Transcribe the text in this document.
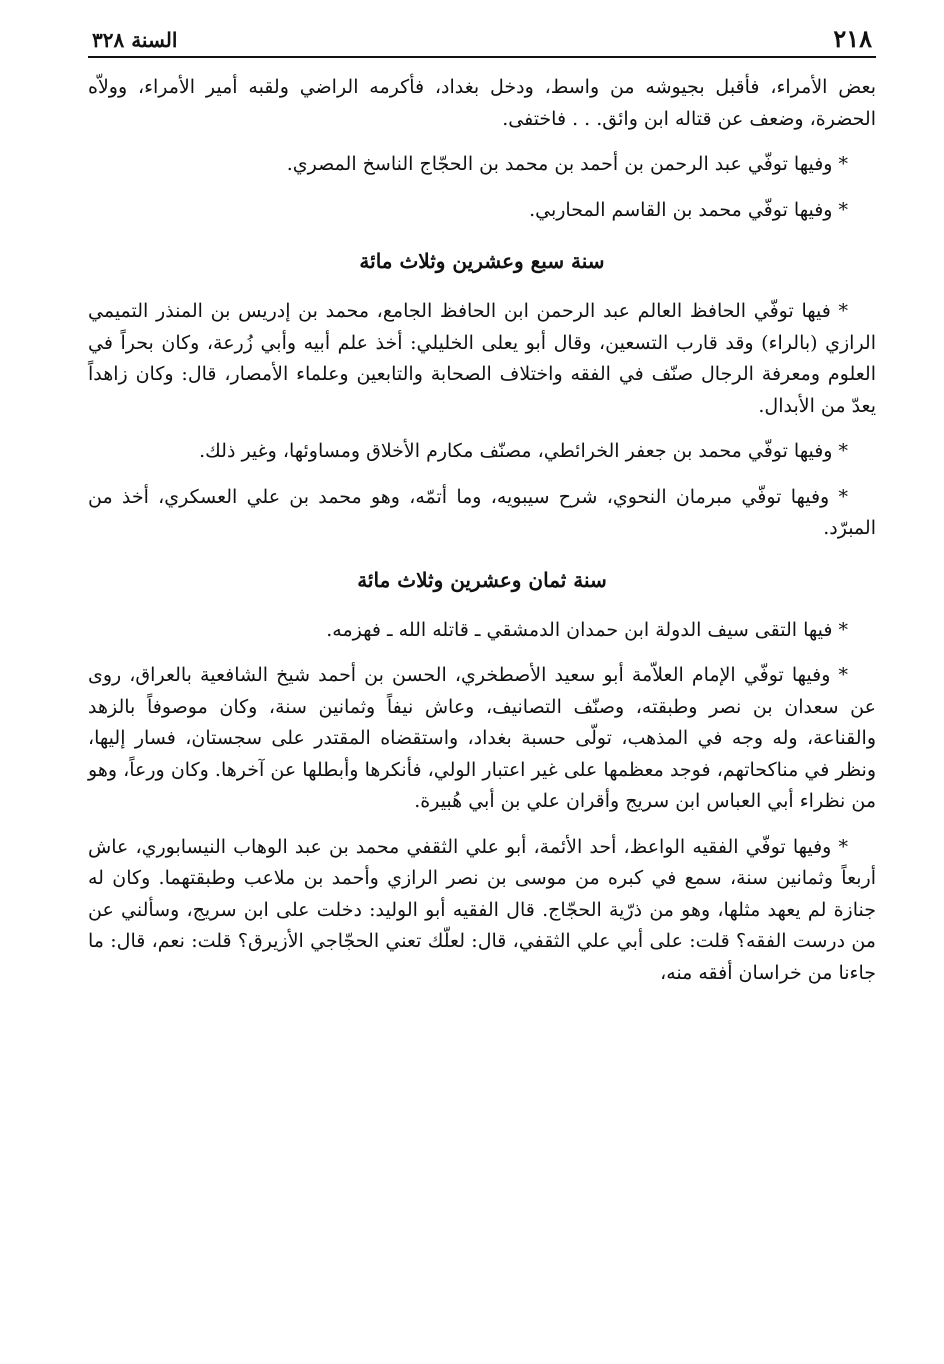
٢١٨
السنة ٣٢٨

بعض الأمراء، فأقبل بجيوشه من واسط، ودخل بغداد، فأكرمه الراضي ولقبه أمير الأمراء، وولاّه الحضرة، وضعف عن قتاله ابن وائق. . . فاختفى.

* وفيها توفّي عبد الرحمن بن أحمد بن محمد بن الحجّاج الناسخ المصري.

* وفيها توفّي محمد بن القاسم المحاربي.

سنة سبع وعشرين وثلاث مائة

* فيها توفّي الحافظ العالم عبد الرحمن ابن الحافظ الجامع، محمد بن إدريس بن المنذر التميمي الرازي (بالراء) وقد قارب التسعين، وقال أبو يعلى الخليلي: أخذ علم أبيه وأبي زُرعة، وكان بحراً في العلوم ومعرفة الرجال صنّف في الفقه واختلاف الصحابة والتابعين وعلماء الأمصار، قال: وكان زاهداً يعدّ من الأبدال.

* وفيها توفّي محمد بن جعفر الخرائطي، مصنّف مكارم الأخلاق ومساوئها، وغير ذلك.

* وفيها توفّي مبرمان النحوي، شرح سيبويه، وما أتمّه، وهو محمد بن علي العسكري، أخذ من المبرّد.

سنة ثمان وعشرين وثلاث مائة

* فيها التقى سيف الدولة ابن حمدان الدمشقي ـ قاتله الله ـ فهزمه.

* وفيها توفّي الإمام العلاّمة أبو سعيد الأصطخري، الحسن بن أحمد شيخ الشافعية بالعراق، روى عن سعدان بن نصر وطبقته، وصنّف التصانيف، وعاش نيفاً وثمانين سنة، وكان موصوفاً بالزهد والقناعة، وله وجه في المذهب، تولّى حسبة بغداد، واستقضاه المقتدر على سجستان، فسار إليها، ونظر في مناكحاتهم، فوجد معظمها على غير اعتبار الولي، فأنكرها وأبطلها عن آخرها. وكان ورعاً، وهو من نظراء أبي العباس ابن سريج وأقران علي بن أبي هُبيرة.

* وفيها توفّي الفقيه الواعظ، أحد الأئمة، أبو علي الثقفي محمد بن عبد الوهاب النيسابوري، عاش أربعاً وثمانين سنة، سمع في كبره من موسى بن نصر الرازي وأحمد بن ملاعب وطبقتهما. وكان له جنازة لم يعهد مثلها، وهو من ذرّية الحجّاج. قال الفقيه أبو الوليد: دخلت على ابن سريج، وسألني عن من درست الفقه؟ قلت: على أبي علي الثقفي، قال: لعلّك تعني الحجّاجي الأزيرق؟ قلت: نعم، قال: ما جاءنا من خراسان أفقه منه،
